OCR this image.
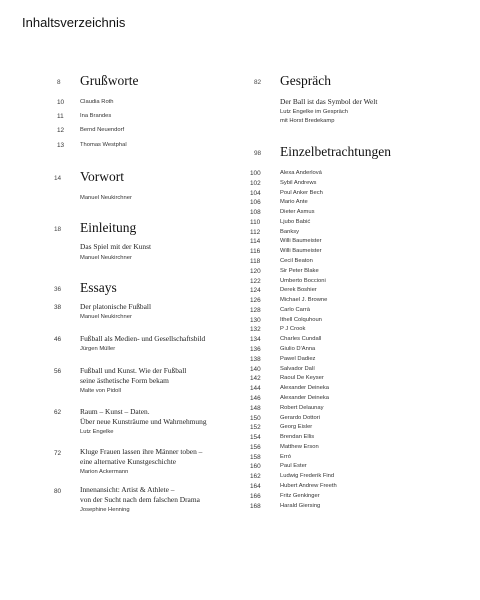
Inhaltsverzeichnis
8 Grußworte
10	Claudia Roth
11	Ina Brandes
12	Bernd Neuendorf
13	Thomas Westphal
14 Vorwort
Manuel Neukirchner
18 Einleitung
Das Spiel mit der Kunst
Manuel Neukirchner
36 Essays
38	Der platonische Fußball
Manuel Neukirchner
46	Fußball als Medien- und Gesellschaftsbild
Jürgen Müller
56	Fußball und Kunst. Wie der Fußball
seine ästhetische Form bekam
Malte von Pidoll
62	Raum – Kunst – Daten.
Über neue Kunsträume und Wahrnehmung
Lutz Engelke
72	Kluge Frauen lassen ihre Männer toben –
eine alternative Kunstgeschichte
Marion Ackermann
80	Innenansicht: Artist & Athlete –
von der Sucht nach dem falschen Drama
Josephine Henning
82 Gespräch
Der Ball ist das Symbol der Welt
Lutz Engelke im Gespräch
mit Horst Bredekamp
98 Einzelbetrachtungen
100	Alexa Anderlová
102	Sybil Andrews
104	Poul Anker Bech
106	Mario Ante
108	Dieter Asmus
110	Ljubo Babić
112	Banksy
114	Willi Baumeister
116	Willi Baumeister
118	Cecil Beaton
120	Sir Peter Blake
122	Umberto Boccioni
124	Derek Boshier
126	Michael J. Browne
128	Carlo Carrà
130	Ithell Colquhoun
132	P J Crook
134	Charles Cundall
136	Giulio D'Anna
138	Pawel Dadiez
140	Salvador Dalí
142	Raoul De Keyser
144	Alexander Deineka
146	Alexander Deineka
148	Robert Delaunay
150	Gerardo Dottori
152	Georg Eisler
154	Brendan Ellis
156	Matthew Erson
158	Erró
160	Paul Ester
162	Ludwig Frederik Find
164	Hubert Andrew Freeth
166	Fritz Genkinger
168	Harald Giersing
